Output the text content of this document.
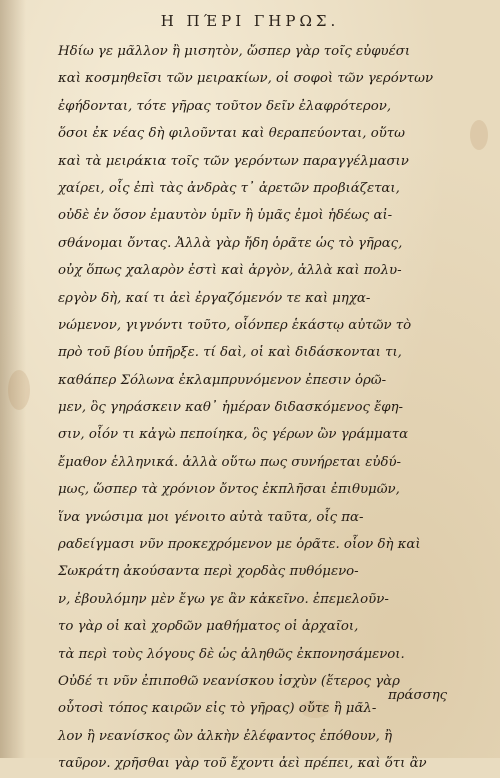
Η ΠΈΡΙ ΓΗΡΩΣ.
Ηδίω γε μᾶλλον ἢ μισητὸν, ὥσπερ γὰρ τοῖς εὐφυέσι
καὶ κοσμηθεῖσι τῶν μειρακίων, οἱ σοφοὶ τῶν γερόντων
ἐφήδονται, τότε γῆρας τοῦτον δεῖν ἐλαφρότερον,
ὅσοι ἐκ νέας δὴ φιλοῦνται καὶ θεραπεύονται, οὕτω
καὶ τὰ μειράκια τοῖς τῶν γερόντων παραγγέλμασιν
χαίρει, οἷς ἐπὶ τὰς ἀνδρὰς τ᾿ ἀρετῶν προβιάζεται,
οὐδὲ ἐν ὅσον ἐμαυτὸν ὑμῖν ἢ ὑμᾶς ἐμοὶ ἡδέως αἰ-
σθάνομαι ὄντας. Ἀλλὰ γὰρ ἤδη ὁρᾶτε ὡς τὸ γῆρας,
οὐχ ὅπως χαλαρὸν ἐστὶ καὶ ἀργὸν, ἀλλὰ καὶ πολυ-
εργὸν δὴ, καί τι ἀεὶ ἐργαζόμενόν τε καὶ μηχα-
νώμενον, γιγνόντι τοῦτο, οἷόνπερ ἑκάστῳ αὐτῶν τὸ
πρὸ τοῦ βίου ὑπῆρξε. τί δαὶ, οἱ καὶ διδάσκονται τι,
καθάπερ Σόλωνα ἐκλαμπρυνόμενον ἐπεσιν ὁρῶ-
μεν, ὃς γηράσκειν καθ᾿ ἡμέραν διδασκόμενος ἔφη-
σιν, οἷόν τι κἀγὼ πεποίηκα, ὃς γέρων ὢν γράμματα
ἔμαθον ἑλληνικά. ἀλλὰ οὕτω πως συνήρεται εὐδύ-
μως, ὥσπερ τὰ χρόνιον ὄντος ἐκπλῆσαι ἐπιθυμῶν,
ἵνα γνώσιμα μοι γένοιτο αὐτὰ ταῦτα, οἷς πα-
ραδείγμασι νῦν προκεχρόμενον με ὁρᾶτε. οἷον δὴ καὶ
Σωκράτη ἀκούσαντα περὶ χορδὰς πυθόμενο-
ν, ἐβουλόμην μὲν ἔγω γε ἂν κἀκεῖνο. ἐπεμελοῦν-
το γὰρ οἱ καὶ χορδῶν μαθήματος οἱ ἀρχαῖοι,
τὰ περὶ τοὺς λόγους δὲ ὡς ἀληθῶς ἐκπονησάμενοι.
Οὐδέ τι νῦν ἐπιποθῶ νεανίσκου ἰσχὺν (ἕτερος γὰρ
οὗτοσὶ τόπος καιρῶν εἰς τὸ γῆρας) οὔτε ἢ μᾶλ-
λον ἢ νεανίσκος ὢν ἀλκὴν ἐλέφαντος ἐπόθουν, ἢ
ταῦρον. χρῆσθαι γὰρ τοῦ ἔχοντι ἀεὶ πρέπει, καὶ ὅτι ἂν
πράσσης
